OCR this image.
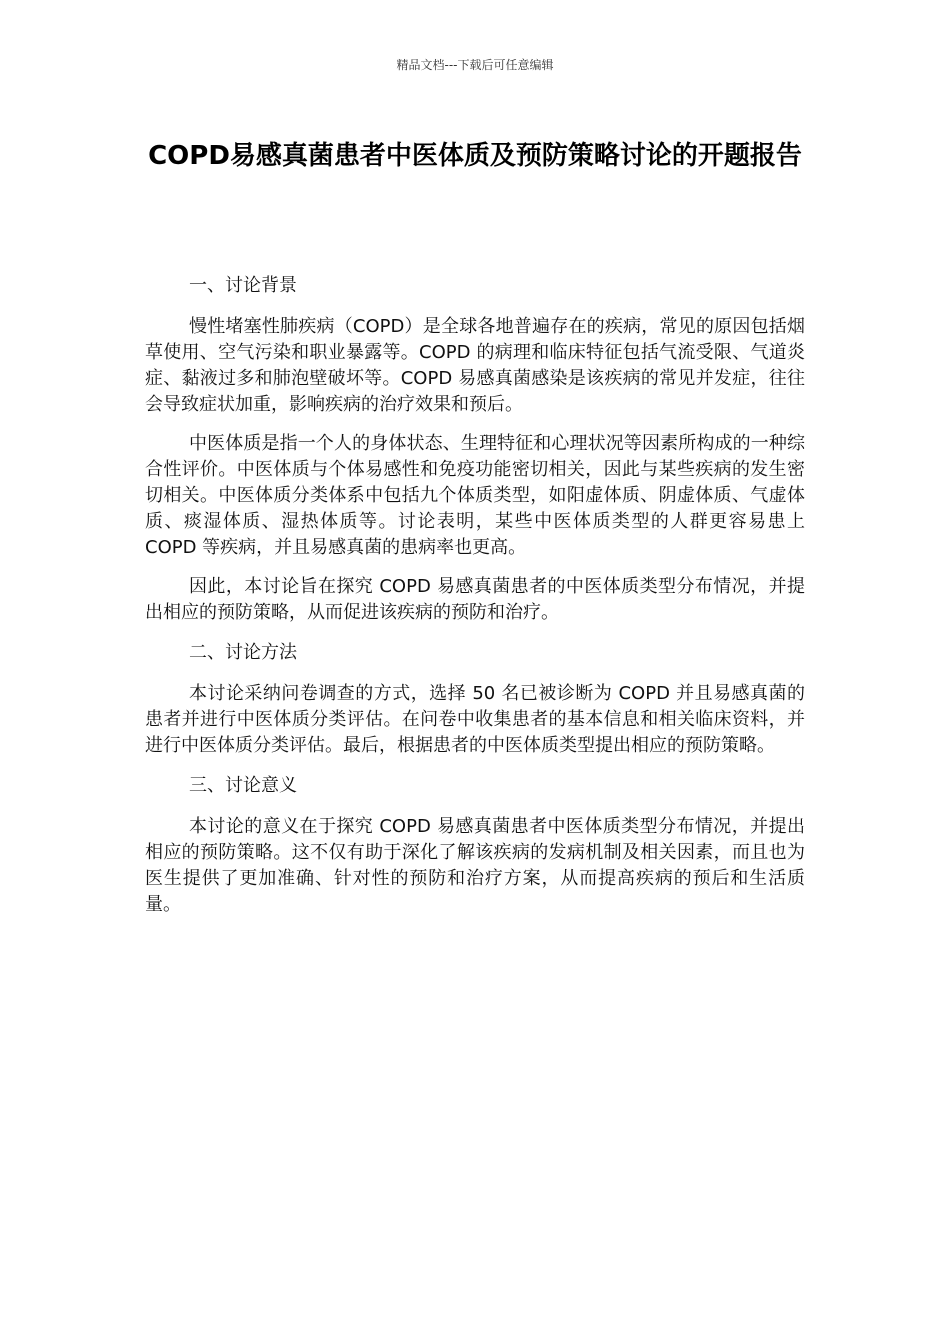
精品文档---下载后可任意编辑
COPD易感真菌患者中医体质及预防策略讨论的开题报告
一、讨论背景

慢性堵塞性肺疾病（COPD）是全球各地普遍存在的疾病，常见的原因包括烟草使用、空气污染和职业暴露等。COPD 的病理和临床特征包括气流受限、气道炎症、黏液过多和肺泡壁破坏等。COPD 易感真菌感染是该疾病的常见并发症，往往会导致症状加重，影响疾病的治疗效果和预后。

中医体质是指一个人的身体状态、生理特征和心理状况等因素所构成的一种综合性评价。中医体质与个体易感性和免疫功能密切相关，因此与某些疾病的发生密切相关。中医体质分类体系中包括九个体质类型，如阳虚体质、阴虚体质、气虚体质、痰湿体质、湿热体质等。讨论表明，某些中医体质类型的人群更容易患上 COPD 等疾病，并且易感真菌的患病率也更高。

因此，本讨论旨在探究 COPD 易感真菌患者的中医体质类型分布情况，并提出相应的预防策略，从而促进该疾病的预防和治疗。

二、讨论方法

本讨论采纳问卷调查的方式，选择 50 名已被诊断为 COPD 并且易感真菌的患者并进行中医体质分类评估。在问卷中收集患者的基本信息和相关临床资料，并进行中医体质分类评估。最后，根据患者的中医体质类型提出相应的预防策略。

三、讨论意义

本讨论的意义在于探究 COPD 易感真菌患者中医体质类型分布情况，并提出相应的预防策略。这不仅有助于深化了解该疾病的发病机制及相关因素，而且也为医生提供了更加准确、针对性的预防和治疗方案，从而提高疾病的预后和生活质量。
